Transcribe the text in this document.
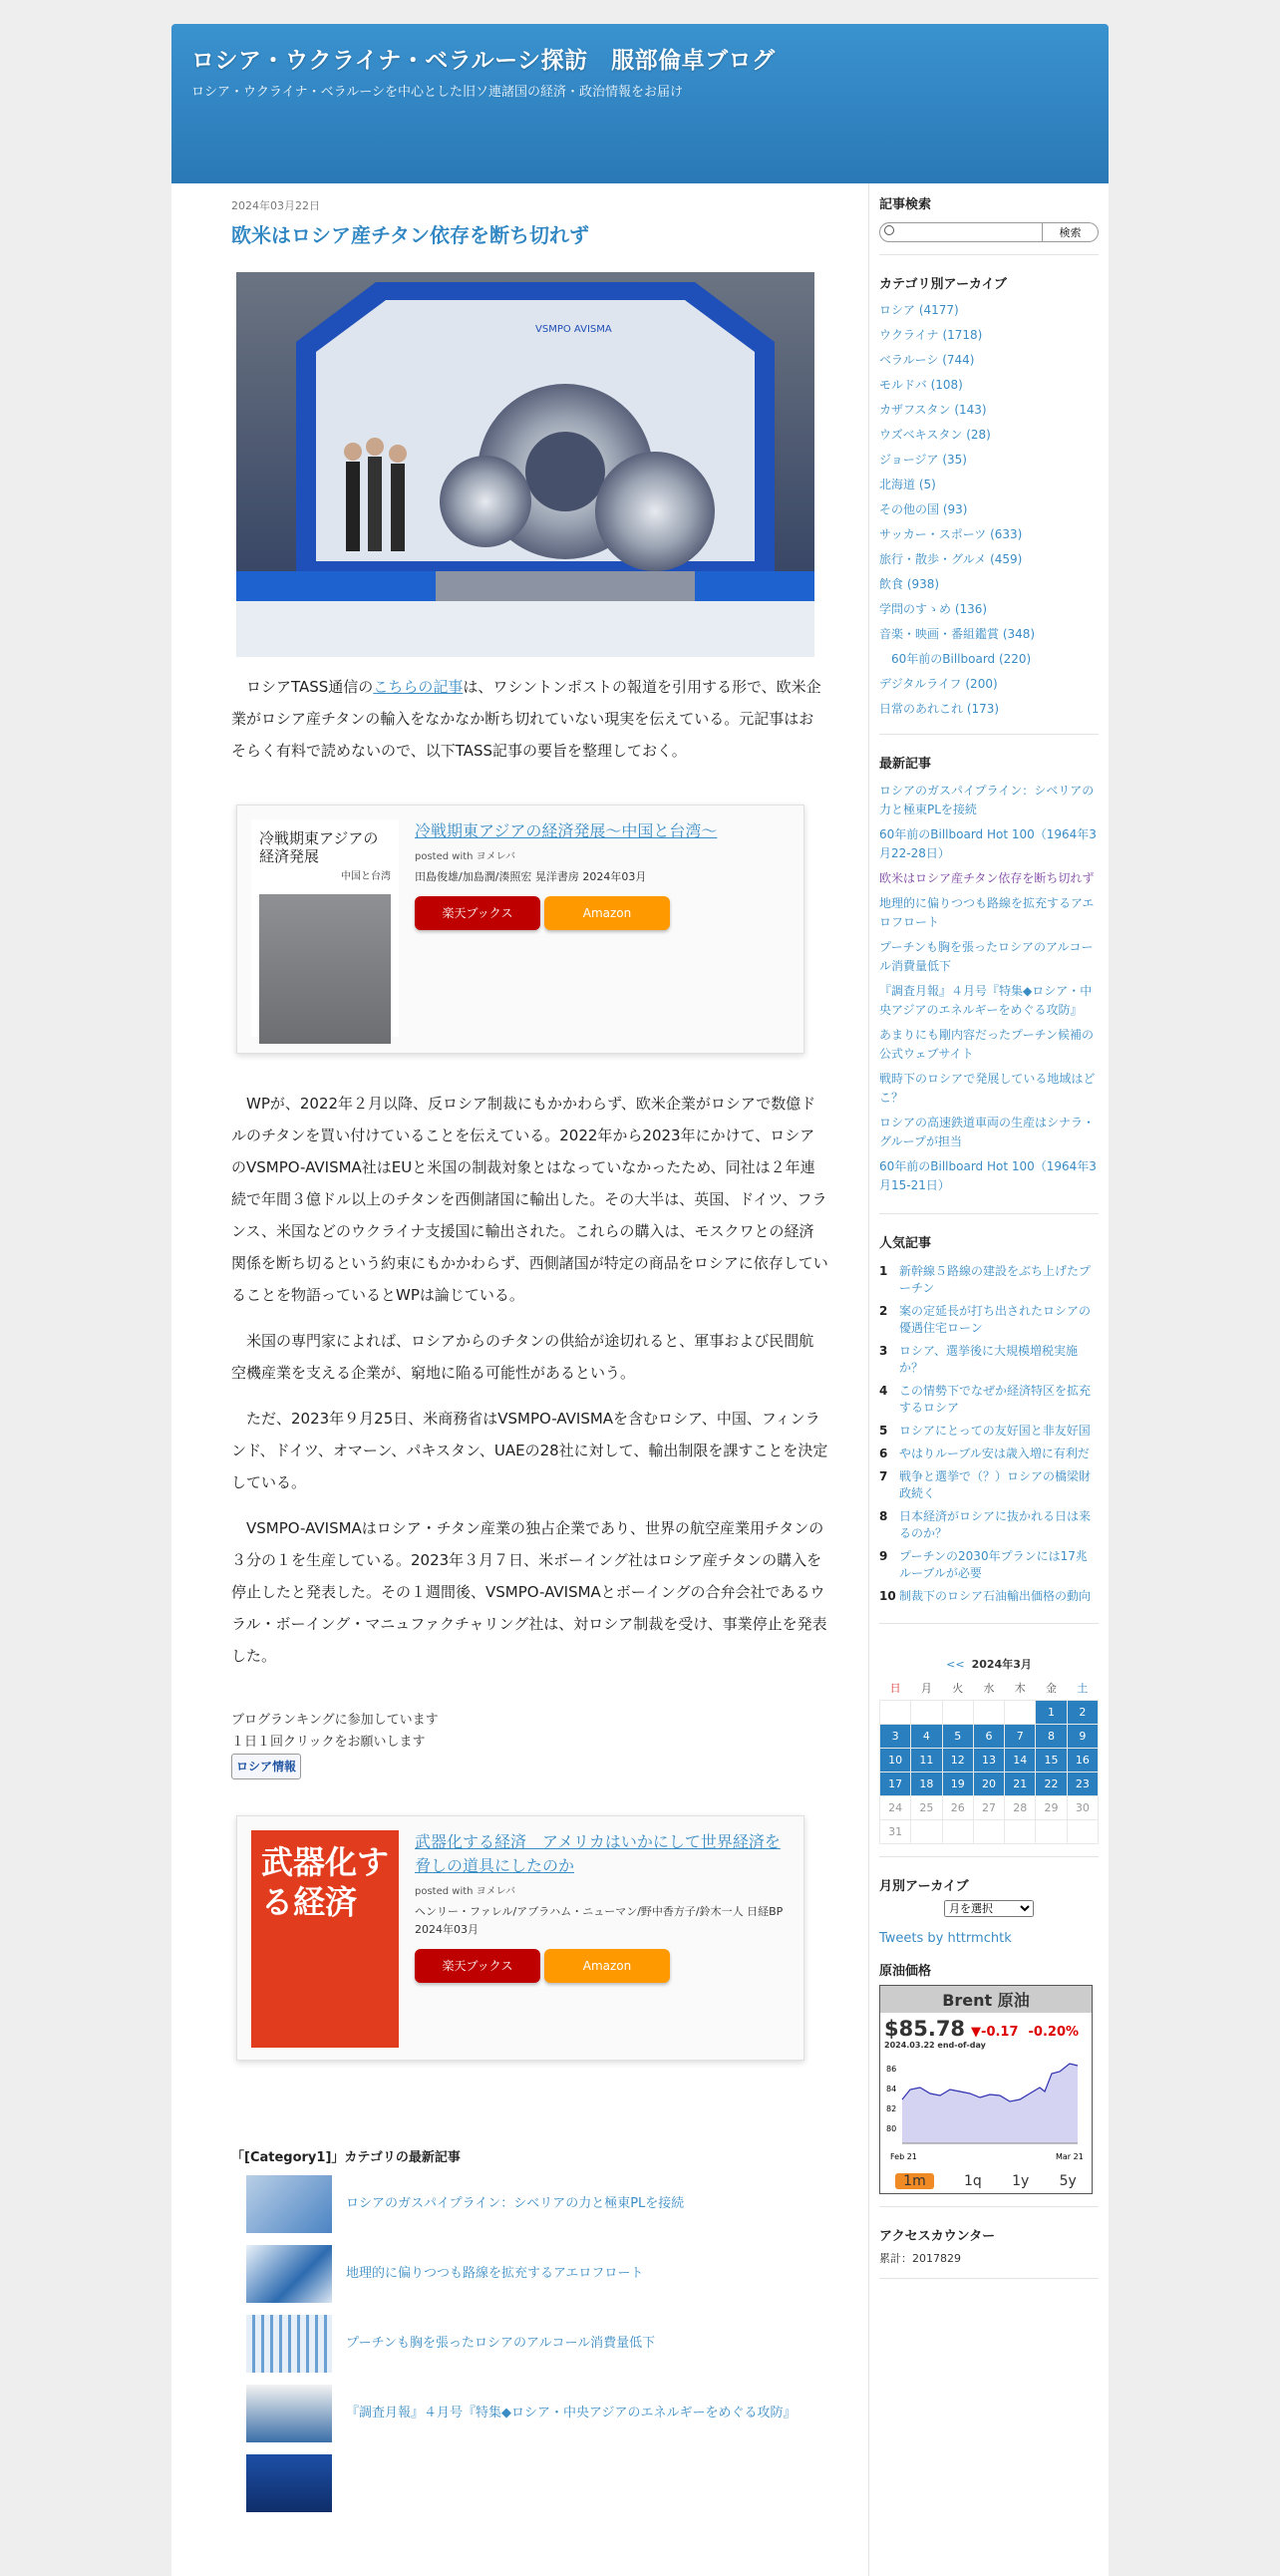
ロシア・ウクライナ・ベラルーシ探訪　服部倫卓ブログ

ロシア・ウクライナ・ベラルーシを中心とした旧ソ連諸国の経済・政治情報をお届け

2024年03月22日
欧米はロシア産チタン依存を断ち切れず
VSMPO AVISMA

ロシアTASS通信のこちらの記事は、ワシントンポストの報道を引用する形で、欧米企業がロシア産チタンの輸入をなかなか断ち切れていない現実を伝えている。元記事はおそらく有料で読めないので、以下TASS記事の要旨を整理しておく。

冷戦期東アジアの経済発展
中国と台湾
冷戦期東アジアの経済発展〜中国と台湾〜
posted with ヨメレバ
田島俊雄/加島潤/湊照宏 晃洋書房 2024年03月
楽天ブックス	Amazon

WPが、2022年２月以降、反ロシア制裁にもかかわらず、欧米企業がロシアで数億ドルのチタンを買い付けていることを伝えている。2022年から2023年にかけて、ロシアのVSMPO-AVISMA社はEUと米国の制裁対象とはなっていなかったため、同社は２年連続で年間３億ドル以上のチタンを西側諸国に輸出した。その大半は、英国、ドイツ、フランス、米国などのウクライナ支援国に輸出された。これらの購入は、モスクワとの経済関係を断ち切るという約束にもかかわらず、西側諸国が特定の商品をロシアに依存していることを物語っているとWPは論じている。

米国の専門家によれば、ロシアからのチタンの供給が途切れると、軍事および民間航空機産業を支える企業が、窮地に陥る可能性があるという。

ただ、2023年９月25日、米商務省はVSMPO-AVISMAを含むロシア、中国、フィンランド、ドイツ、オマーン、パキスタン、UAEの28社に対して、輸出制限を課すことを決定している。

VSMPO-AVISMAはロシア・チタン産業の独占企業であり、世界の航空産業用チタンの３分の１を生産している。2023年３月７日、米ボーイング社はロシア産チタンの購入を停止したと発表した。その１週間後、VSMPO-AVISMAとボーイングの合弁会社であるウラル・ボーイング・マニュファクチャリング社は、対ロシア制裁を受け、事業停止を発表した。

ブログランキングに参加しています
１日１回クリックをお願いします
ロシア情報
武器化する経済
武器化する経済　アメリカはいかにして世界経済を脅しの道具にしたのか
posted with ヨメレバ
ヘンリー・ファレル/アブラハム・ニューマン/野中香方子/鈴木一人 日経BP 2024年03月
楽天ブックス	Amazon
「[Category1]」カテゴリの最新記事
ロシアのガスパイプライン：シベリアの力と極東PLを接続
地理的に偏りつつも路線を拡充するアエロフロート
プーチンも胸を張ったロシアのアルコール消費量低下
『調査月報』４月号『特集◆ロシア・中央アジアのエネルギーをめぐる攻防』
記事検索
検索
カテゴリ別アーカイブ
ロシア (4177)
ウクライナ (1718)
ベラルーシ (744)
モルドバ (108)
カザフスタン (143)
ウズベキスタン (28)
ジョージア (35)
北海道 (5)
その他の国 (93)
サッカー・スポーツ (633)
旅行・散歩・グルメ (459)
飲食 (938)
学問のすゝめ (136)
音楽・映画・番組鑑賞 (348)
　60年前のBillboard (220)
デジタルライフ (200)
日常のあれこれ (173)
最新記事
ロシアのガスパイプライン：シベリアの力と極東PLを接続
60年前のBillboard Hot 100（1964年3月22-28日）
欧米はロシア産チタン依存を断ち切れず
地理的に偏りつつも路線を拡充するアエロフロート
プーチンも胸を張ったロシアのアルコール消費量低下
『調査月報』４月号『特集◆ロシア・中央アジアのエネルギーをめぐる攻防』
あまりにも剛内容だったプーチン候補の公式ウェブサイト
戦時下のロシアで発展している地域はどこ？
ロシアの高速鉄道車両の生産はシナラ・グループが担当
60年前のBillboard Hot 100（1964年3月15-21日）
人気記事
1 新幹線５路線の建設をぶち上げたプーチン
2 案の定延長が打ち出されたロシアの優遇住宅ローン
3 ロシア、選挙後に大規模増税実施か？
4 この情勢下でなぜか経済特区を拡充するロシア
5 ロシアにとっての友好国と非友好国
6 やはりルーブル安は歳入増に有利だ
7 戦争と選挙で（？）ロシアの橋梁財政続く
8 日本経済がロシアに抜かれる日は来るのか？
9 プーチンの2030年プランには17兆ルーブルが必要
10 制裁下のロシア石油輸出価格の動向
<< 2024年3月
日	月	火	水	木	金	土
					1	2
3	4	5	6	7	8	9
10	11	12	13	14	15	16
17	18	19	20	21	22	23
24	25	26	27	28	29	30
31						
月別アーカイブ
月を選択
Tweets by httrmchtk
原油価格
Brent 原油
$85.78 ▼-0.17 -0.20%
2024.03.22 end-of-day
86
84
82
80
Feb 21	Mar 21
1m	1q 1y 5y
アクセスカウンター
累計：2017829
